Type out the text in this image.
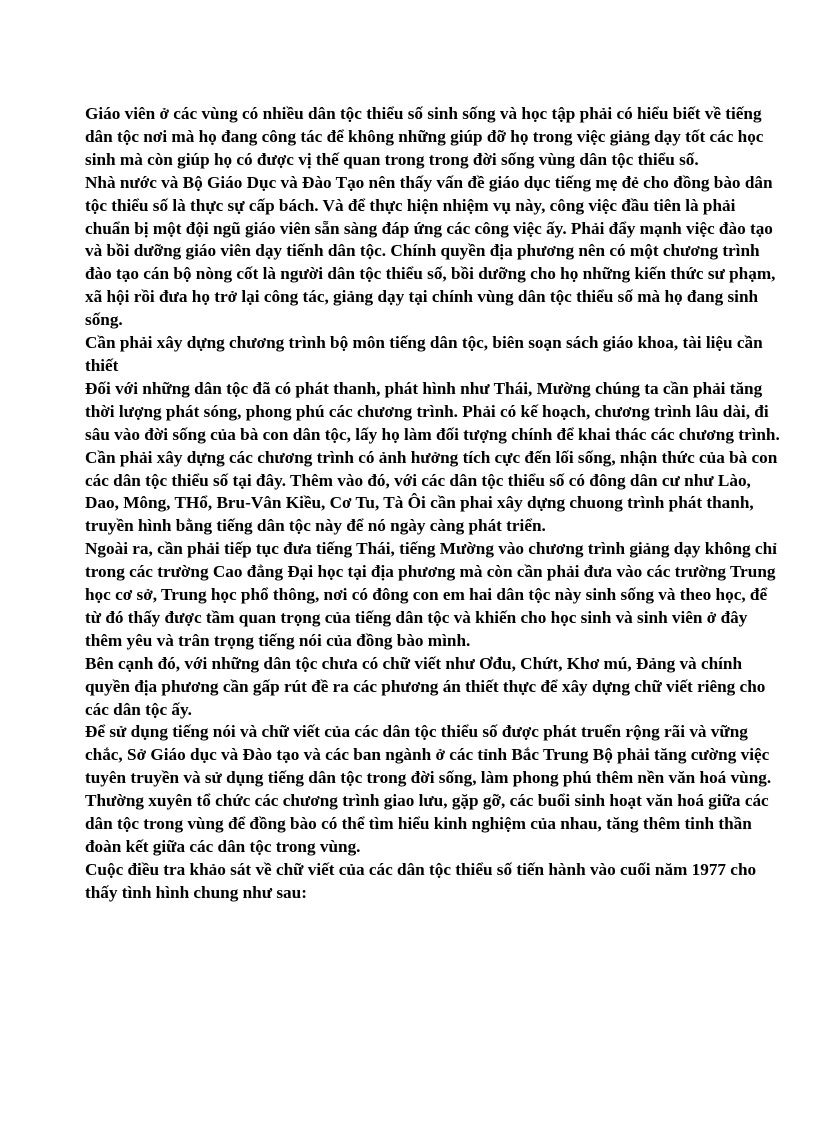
Giáo viên ở các vùng có nhiều dân tộc thiểu số sinh sống và học tập phải có hiểu biết về tiếng dân tộc nơi mà họ đang công tác để không những giúp đỡ họ trong việc giảng dạy tốt các học sinh mà còn giúp họ có được vị thế quan trong trong đời sống vùng dân tộc thiểu số.

Nhà nước và Bộ Giáo Dục và Đào Tạo nên thấy vấn đề giáo dục tiếng mẹ đẻ cho đồng bào dân tộc thiểu số là thực sự cấp bách. Và để thực hiện nhiệm vụ này, công việc đầu tiên là phải chuẩn bị một đội ngũ giáo viên sẵn sàng đáp ứng các công việc ấy. Phải đẩy mạnh việc đào tạo và bồi dưỡng giáo viên dạy tiếnh dân tộc. Chính quyền địa phương nên có một chương trình đào tạo cán bộ nòng cốt là người dân tộc thiểu số, bồi dưỡng cho họ những kiến thức sư phạm, xã hội rồi đưa họ trở lại công tác, giảng dạy tại chính vùng dân tộc thiểu số mà họ đang sinh sống.

Cần phải xây dựng chương trình bộ môn tiếng dân tộc, biên soạn sách giáo khoa, tài liệu cần thiết

Đối với những dân tộc đã có phát thanh, phát hình như Thái, Mường chúng ta cần phải tăng thời lượng phát sóng, phong phú các chương trình. Phải có kế hoạch, chương trình lâu dài, đi sâu vào đời sống của bà con dân tộc, lấy họ làm đối tượng chính để khai thác các chương trình. Cần phải xây dựng các chương trình có ảnh hưởng tích cực đến lối sống, nhận thức của bà con các dân tộc thiểu số tại đây. Thêm vào đó, với các dân tộc thiểu số có đông dân cư như Lào, Dao, Mông, THổ, Bru-Vân Kiều, Cơ Tu, Tà Ôi cần phai xây dựng chuong trình phát thanh, truyền hình bằng tiếng dân tộc này để nó ngày càng phát triển.

Ngoài ra, cần phải tiếp tục đưa tiếng Thái, tiếng Mường vào chương trình giảng dạy không chỉ trong các trường Cao đẳng Đại học tại địa phương mà còn cần phải đưa vào các trường Trung học cơ sở, Trung học phổ thông, nơi có đông con em hai dân tộc này sinh sống và theo học, để từ đó thấy được tầm quan trọng của tiếng dân tộc và khiến cho học sinh và sinh viên ở đây thêm yêu và trân trọng tiếng nói của đồng bào mình.

Bên cạnh đó, với những dân tộc chưa có chữ viết như Ơđu, Chứt, Khơ mú, Đảng và chính quyền địa phương cần gấp rút đề ra các phương án thiết thực để xây dựng chữ viết riêng cho các dân tộc ấy.

Để sử dụng tiếng nói và chữ viết của các dân tộc thiểu số được phát truển rộng rãi và vững chắc, Sở Giáo dục và Đào tạo và các ban ngành ở các tỉnh Bắc Trung Bộ phải tăng cường việc tuyên truyền và sử dụng tiếng dân tộc trong đời sống, làm phong phú thêm nền văn hoá vùng. Thường xuyên tổ chức các chương trình giao lưu, gặp gỡ, các buổi sinh hoạt văn hoá giữa các dân tộc trong vùng để đồng bào có thể tìm hiểu kinh nghiệm của nhau, tăng thêm tinh thần đoàn kết giữa các dân tộc trong vùng.

Cuộc điều tra khảo sát về chữ viết của các dân tộc thiểu số tiến hành vào cuối năm 1977 cho thấy tình hình chung như sau:
